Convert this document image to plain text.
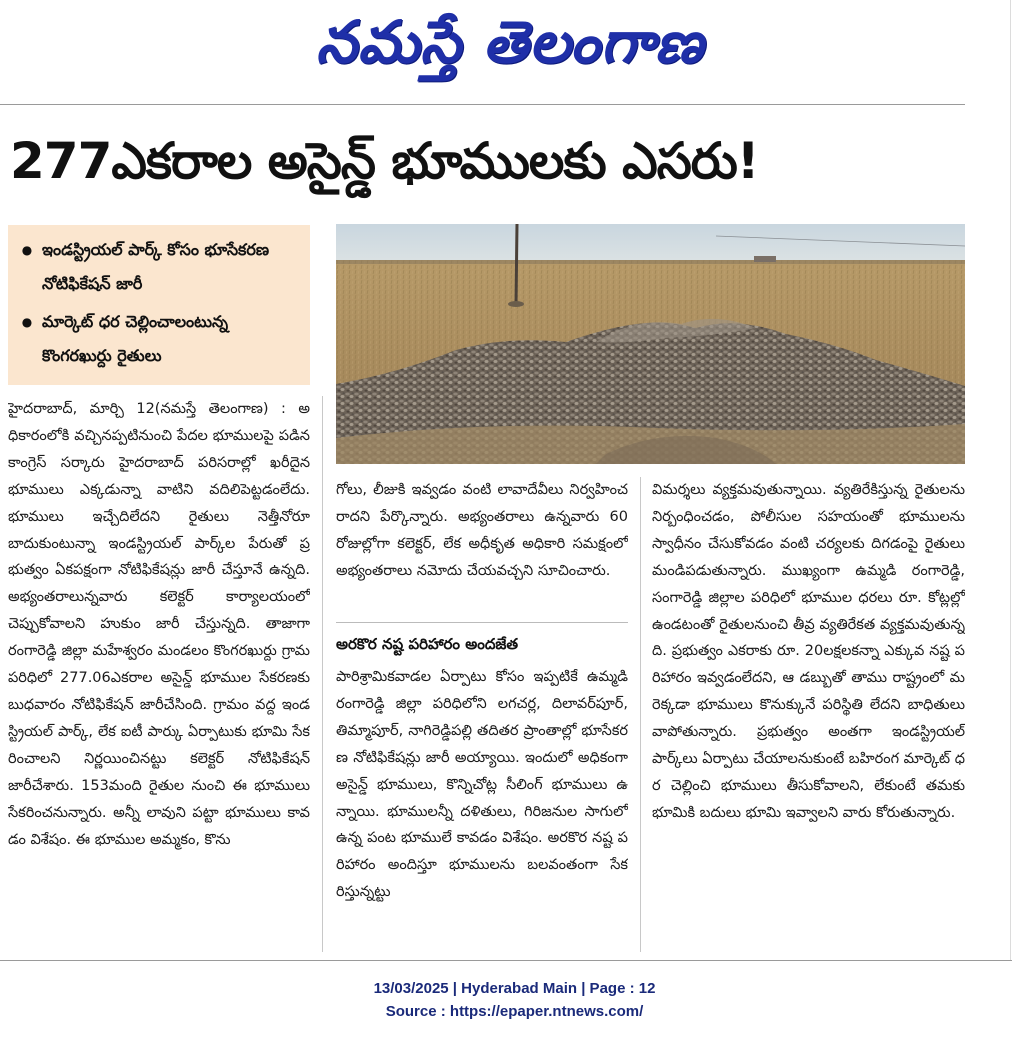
నమస్తే తెలంగాణ
277ఎకరాల అసైన్డ్ భూములకు ఎసరు!
● ఇండస్ట్రియల్ పార్క్ కోసం భూసేకరణ నోటిఫికేషన్ జారీ
● మార్కెట్ ధర చెల్లించాలంటున్న కొంగరఖుర్దు రైతులు
హైదరాబాద్, మార్చి 12(నమస్తే తెలంగాణ) : అధికారంలోకి వచ్చినప్పటినుంచి పేదల భూములపై పడిన కాంగ్రెస్ సర్కారు హైదరాబాద్ పరిసరాల్లో ఖరీదైన భూములు ఎక్కడున్నా వాటిని వదిలిపెట్టడంలేదు. భూములు ఇచ్చేదిలేదని రైతులు నెత్తీనోరూ బాదుకుంటున్నా ఇండస్ట్రియల్ పార్క్‌ల పేరుతో ప్రభుత్వం ఏకపక్షంగా నోటిఫికేషన్లు జారీ చేస్తూనే ఉన్నది. అభ్యంతరాలున్నవారు కలెక్టర్ కార్యాలయంలో చెప్పుకోవాలని హుకుం జారీ చేస్తున్నది. తాజాగా రంగారెడ్డి జిల్లా మహేశ్వరం మండలం కొంగరఖుర్దు గ్రామ పరిధిలో 277.06ఎకరాల అసైన్డ్ భూముల సేకరణకు బుధవారం నోటిఫికేషన్ జారీచేసింది. గ్రామం వద్ద ఇండస్ట్రియల్ పార్క్, లేక ఐటీ పార్కు ఏర్పాటుకు భూమి సేకరించాలని నిర్ణయించినట్టు కలెక్టర్ నోటిఫికేషన్ జారీచేశారు. 153మంది రైతుల నుంచి ఈ భూములు సేకరించనున్నారు. అన్నీ లావుని పట్టా భూములు కావడం విశేషం. ఈ భూముల అమ్మకం, కొను
గోలు, లీజుకి ఇవ్వడం వంటి లావాదేవీలు నిర్వహించరాదని పేర్కొన్నారు. అభ్యంతరాలు ఉన్నవారు 60రోజుల్లోగా కలెక్టర్, లేక అధీకృత అధికారి సమక్షంలో అభ్యంతరాలు నమోదు చేయవచ్చని సూచించారు.
అరకొర నష్ట పరిహారం అందజేత
పారిశ్రామికవాడల ఏర్పాటు కోసం ఇప్పటికే ఉమ్మడి రంగారెడ్డి జిల్లా పరిధిలోని లగచర్ల, దిలావర్‌పూర్, తిమ్మాపూర్, నాగిరెడ్డిపల్లి తదితర ప్రాంతాల్లో భూసేకరణ నోటిఫికేషన్లు జారీ అయ్యాయి. ఇందులో అధికంగా అసైన్డ్ భూములు, కొన్నిచోట్ల సీలింగ్ భూములు ఉన్నాయి. భూములన్నీ దళితులు, గిరిజనుల సాగులో ఉన్న పంట భూములే కావడం విశేషం. అరకొర నష్ట పరిహారం అందిస్తూ భూములను బలవంతంగా సేకరిస్తున్నట్టు
విమర్శలు వ్యక్తమవుతున్నాయి. వ్యతిరేకిస్తున్న రైతులను నిర్బంధించడం, పోలీసుల సహయంతో భూములను స్వాధీనం చేసుకోవడం వంటి చర్యలకు దిగడంపై రైతులు మండిపడుతున్నారు. ముఖ్యంగా ఉమ్మడి రంగారెడ్డి, సంగారెడ్డి జిల్లాల పరిధిలో భూముల ధరలు రూ. కోట్లల్లో ఉండటంతో రైతులనుంచి తీవ్ర వ్యతిరేకత వ్యక్తమవుతున్నది. ప్రభుత్వం ఎకరాకు రూ. 20లక్షలకన్నా ఎక్కువ నష్ట పరిహారం ఇవ్వడంలేదని, ఆ డబ్బుతో తాము రాష్ట్రంలో మరెక్కడా భూములు కొనుక్కునే పరిస్థితి లేదని బాధితులు వాపోతున్నారు. ప్రభుత్వం అంతగా ఇండస్ట్రియల్ పార్క్‌లు ఏర్పాటు చేయాలనుకుంటే బహిరంగ మార్కెట్ ధర చెల్లించి భూములు తీసుకోవాలని, లేకుంటే తమకు భూమికి బదులు భూమి ఇవ్వాలని వారు కోరుతున్నారు.
13/03/2025 | Hyderabad Main | Page : 12
Source : https://epaper.ntnews.com/
